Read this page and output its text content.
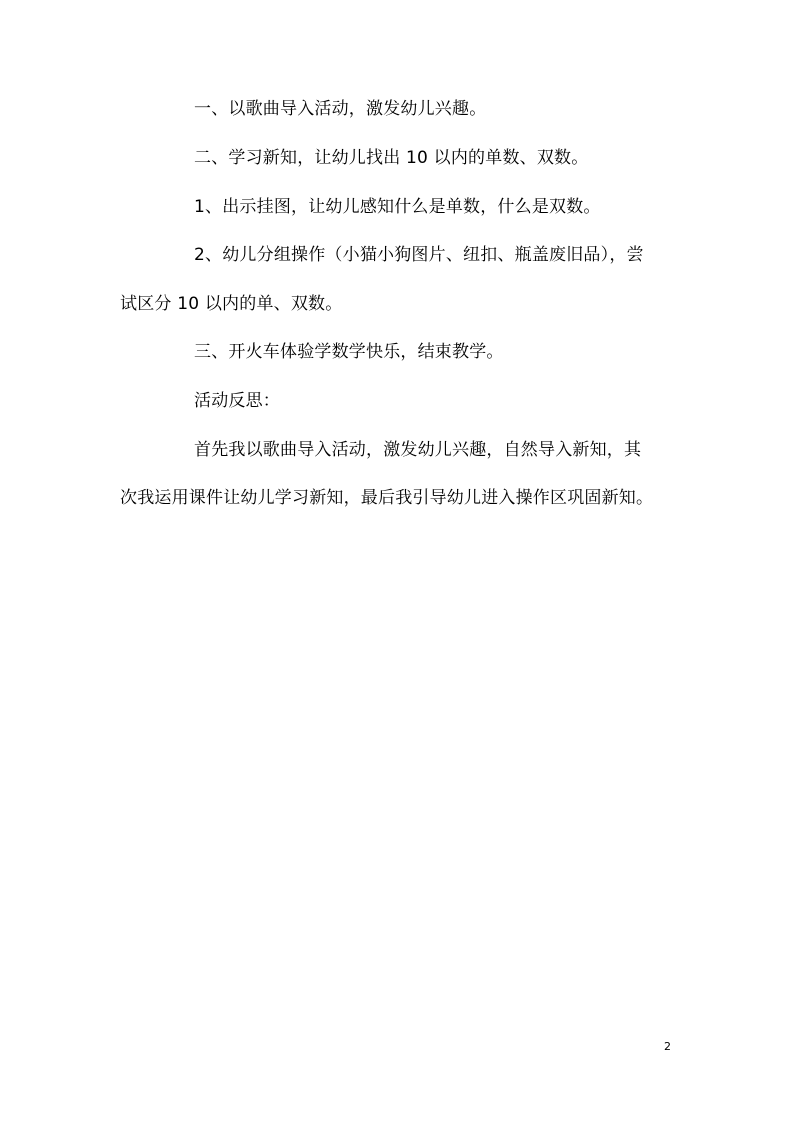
一、以歌曲导入活动，激发幼儿兴趣。
二、学习新知，让幼儿找出 10 以内的单数、双数。
1、出示挂图，让幼儿感知什么是单数，什么是双数。
2、幼儿分组操作（小猫小狗图片、纽扣、瓶盖废旧品），尝
试区分 10 以内的单、双数。
三、开火车体验学数学快乐，结束教学。
活动反思：
首先我以歌曲导入活动，激发幼儿兴趣，自然导入新知，其
次我运用课件让幼儿学习新知，最后我引导幼儿进入操作区巩固新知。
2
